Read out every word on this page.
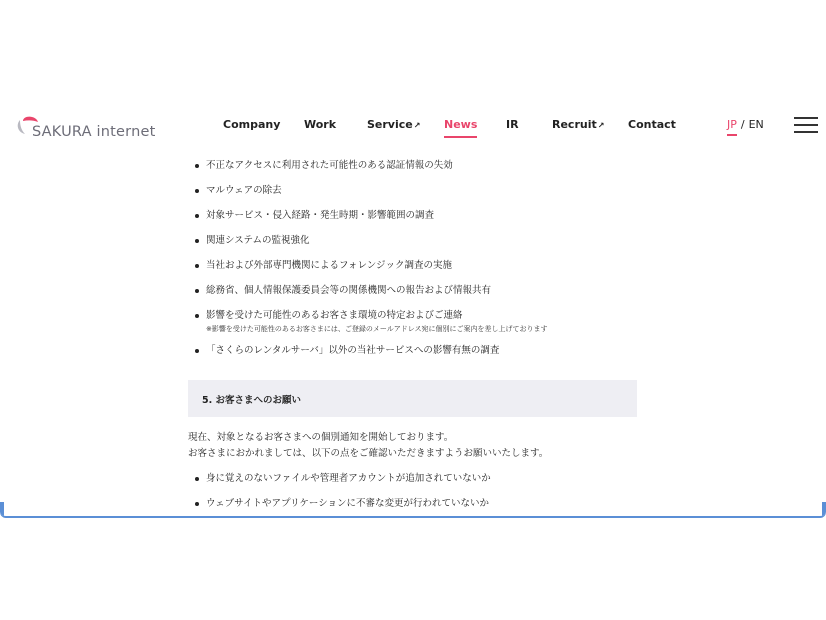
SAKURA internet	Company Work	Service↗ News	IR	Recruit↗ Contact	JP / EN
不正なアクセスに利用された可能性のある認証情報の失効
マルウェアの除去
対象サービス・侵入経路・発生時期・影響範囲の調査
関連システムの監視強化
当社および外部専門機関によるフォレンジック調査の実施
総務省、個人情報保護委員会等の関係機関への報告および情報共有
影響を受けた可能性のあるお客さま環境の特定およびご連絡
※影響を受けた可能性のあるお客さまには、ご登録のメールアドレス宛に個別にご案内を差し上げております
「さくらのレンタルサーバ」以外の当社サービスへの影響有無の調査
5. お客さまへのお願い
現在、対象となるお客さまへの個別通知を開始しております。
お客さまにおかれましては、以下の点をご確認いただきますようお願いいたします。
身に覚えのないファイルや管理者アカウントが追加されていないか
ウェブサイトやアプリケーションに不審な変更が行われていないか
